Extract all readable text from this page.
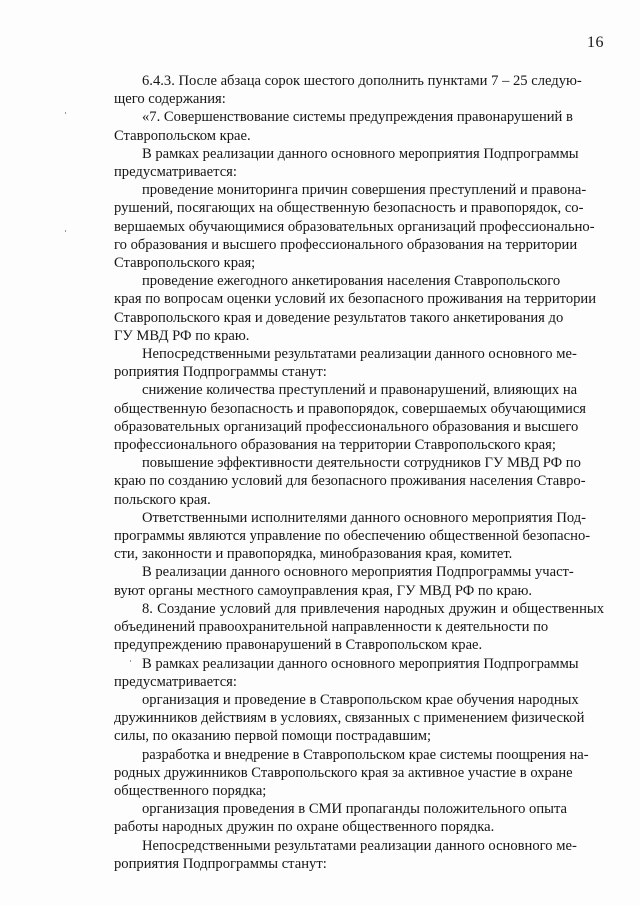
16

6.4.3. После абзаца сорок шестого дополнить пунктами 7 – 25 следую-
щего содержания:

«7. Совершенствование системы предупреждения правонарушений в
Ставропольском крае.

В рамках реализации данного основного мероприятия Подпрограммы
предусматривается:

проведение мониторинга причин совершения преступлений и правона-
рушений, посягающих на общественную безопасность и правопорядок, со-
вершаемых обучающимися образовательных организаций профессионально-
го образования и высшего профессионального образования на территории
Ставропольского края;

проведение ежегодного анкетирования населения Ставропольского
края по вопросам оценки условий их безопасного проживания на территории
Ставропольского края и доведение результатов такого анкетирования до
ГУ МВД РФ по краю.

Непосредственными результатами реализации данного основного ме-
роприятия Подпрограммы станут:

снижение количества преступлений и правонарушений, влияющих на
общественную безопасность и правопорядок, совершаемых обучающимися
образовательных организаций профессионального образования и высшего
профессионального образования на территории Ставропольского края;

повышение эффективности деятельности сотрудников ГУ МВД РФ по
краю по созданию условий для безопасного проживания населения Ставро-
польского края.

Ответственными исполнителями данного основного мероприятия Под-
программы являются управление по обеспечению общественной безопасно-
сти, законности и правопорядка, минобразования края, комитет.

В реализации данного основного мероприятия Подпрограммы участ-
вуют органы местного самоуправления края, ГУ МВД РФ по краю.

8. Создание условий для привлечения народных дружин и общественных объединений правоохранительной направленности к деятельности по
предупреждению правонарушений в Ставропольском крае.

В рамках реализации данного основного мероприятия Подпрограммы
предусматривается:

организация и проведение в Ставропольском крае обучения народных
дружинников действиям в условиях, связанных с применением физической
силы, по оказанию первой помощи пострадавшим;

разработка и внедрение в Ставропольском крае системы поощрения на-
родных дружинников Ставропольского края за активное участие в охране
общественного порядка;

организация проведения в СМИ пропаганды положительного опыта
работы народных дружин по охране общественного порядка.

Непосредственными результатами реализации данного основного ме-
роприятия Подпрограммы станут:
